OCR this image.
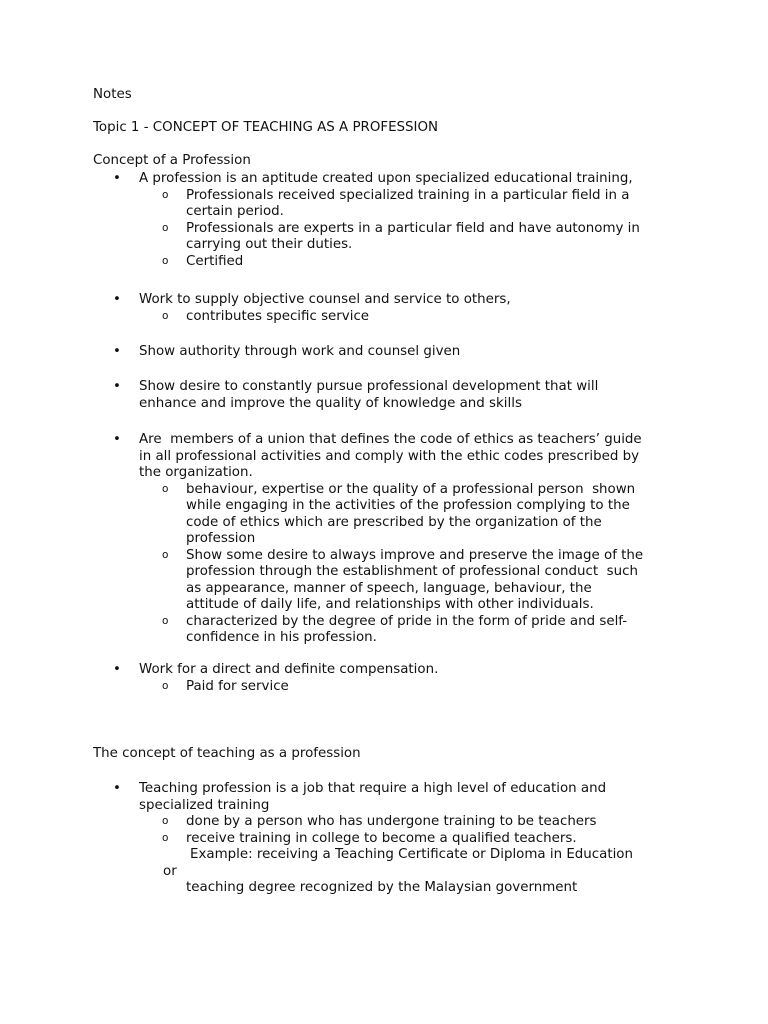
Notes
Topic 1 - CONCEPT OF TEACHING AS A PROFESSION
Concept of a Profession
• A profession is an aptitude created upon specialized educational training,
o Professionals received specialized training in a particular field in a
certain period.
o Professionals are experts in a particular field and have autonomy in
carrying out their duties.
o Certified
• Work to supply objective counsel and service to others,
o contributes specific service
• Show authority through work and counsel given
• Show desire to constantly pursue professional development that will
enhance and improve the quality of knowledge and skills
• Are  members of a union that defines the code of ethics as teachers’ guide
in all professional activities and comply with the ethic codes prescribed by
the organization.
o behaviour, expertise or the quality of a professional person  shown
while engaging in the activities of the profession complying to the
code of ethics which are prescribed by the organization of the
profession
o Show some desire to always improve and preserve the image of the
profession through the establishment of professional conduct  such
as appearance, manner of speech, language, behaviour, the
attitude of daily life, and relationships with other individuals.
o characterized by the degree of pride in the form of pride and self-
confidence in his profession.
• Work for a direct and definite compensation.
o Paid for service
The concept of teaching as a profession
• Teaching profession is a job that require a high level of education and
specialized training
o done by a person who has undergone training to be teachers
o receive training in college to become a qualified teachers.
Example: receiving a Teaching Certificate or Diploma in Education
or
teaching degree recognized by the Malaysian government
